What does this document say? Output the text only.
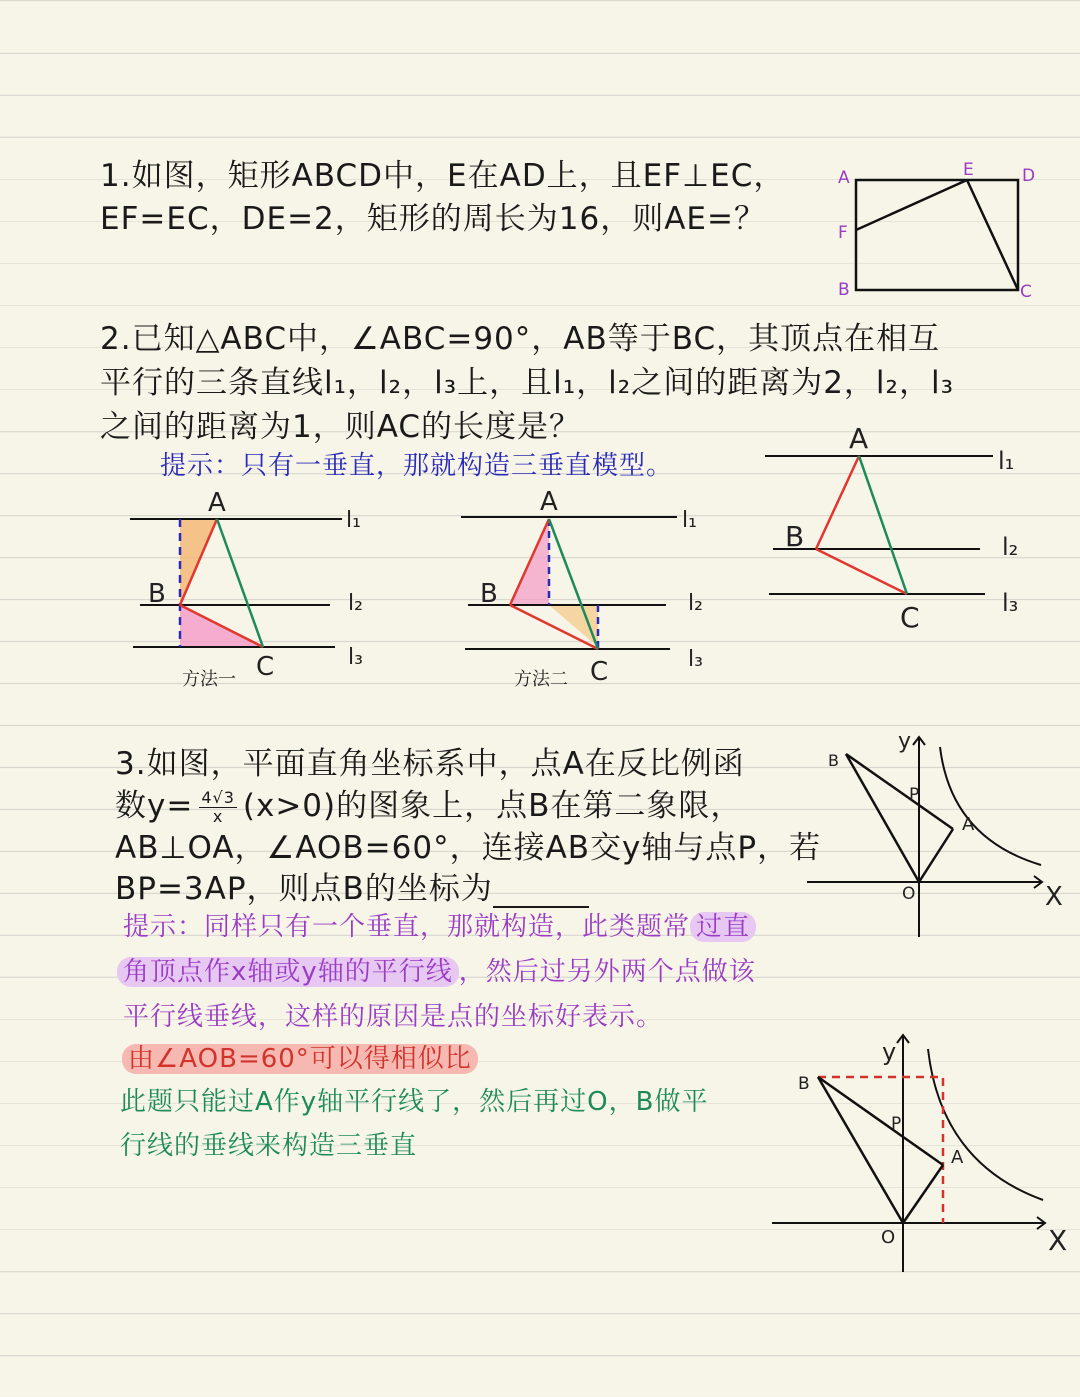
1.如图，矩形ABCD中，E在AD上，且EF⊥EC，
EF=EC，DE=2，矩形的周长为16，则AE=？
A	E	D
F
B	C
2.已知△ABC中，∠ABC=90°，AB等于BC，其顶点在相互
平行的三条直线l₁，l₂，l₃上，且l₁，l₂之间的距离为2，l₂，l₃
之间的距离为1，则AC的长度是？
提示：只有一垂直，那就构造三垂直模型。
A
B
C
l₁
l₂
l₃
方法一
A
B
C
l₁
l₂
l₃
方法二
A
B
C
l₁
l₂
l₃
3.如图，平面直角坐标系中，点A在反比例函
数$y= \frac{4√3}{x} (x>0)$的图象上，点B在第二象限，
AB⊥OA，∠AOB=60°，连接AB交y轴与点P，若
BP=3AP，则点B的坐标为
提示：同样只有一个垂直，那就构造，此类题常 过直
角顶点作x轴或y轴的平行线 ，然后过另外两个点做该
平行线垂线，这样的原因是点的坐标好表示。
由∠AOB=60°可以得相似比
此题只能过A作y轴平行线了，然后再过O，B做平
行线的垂线来构造三垂直
B
P
A
O	X
y
B
P
A
O	X
y
